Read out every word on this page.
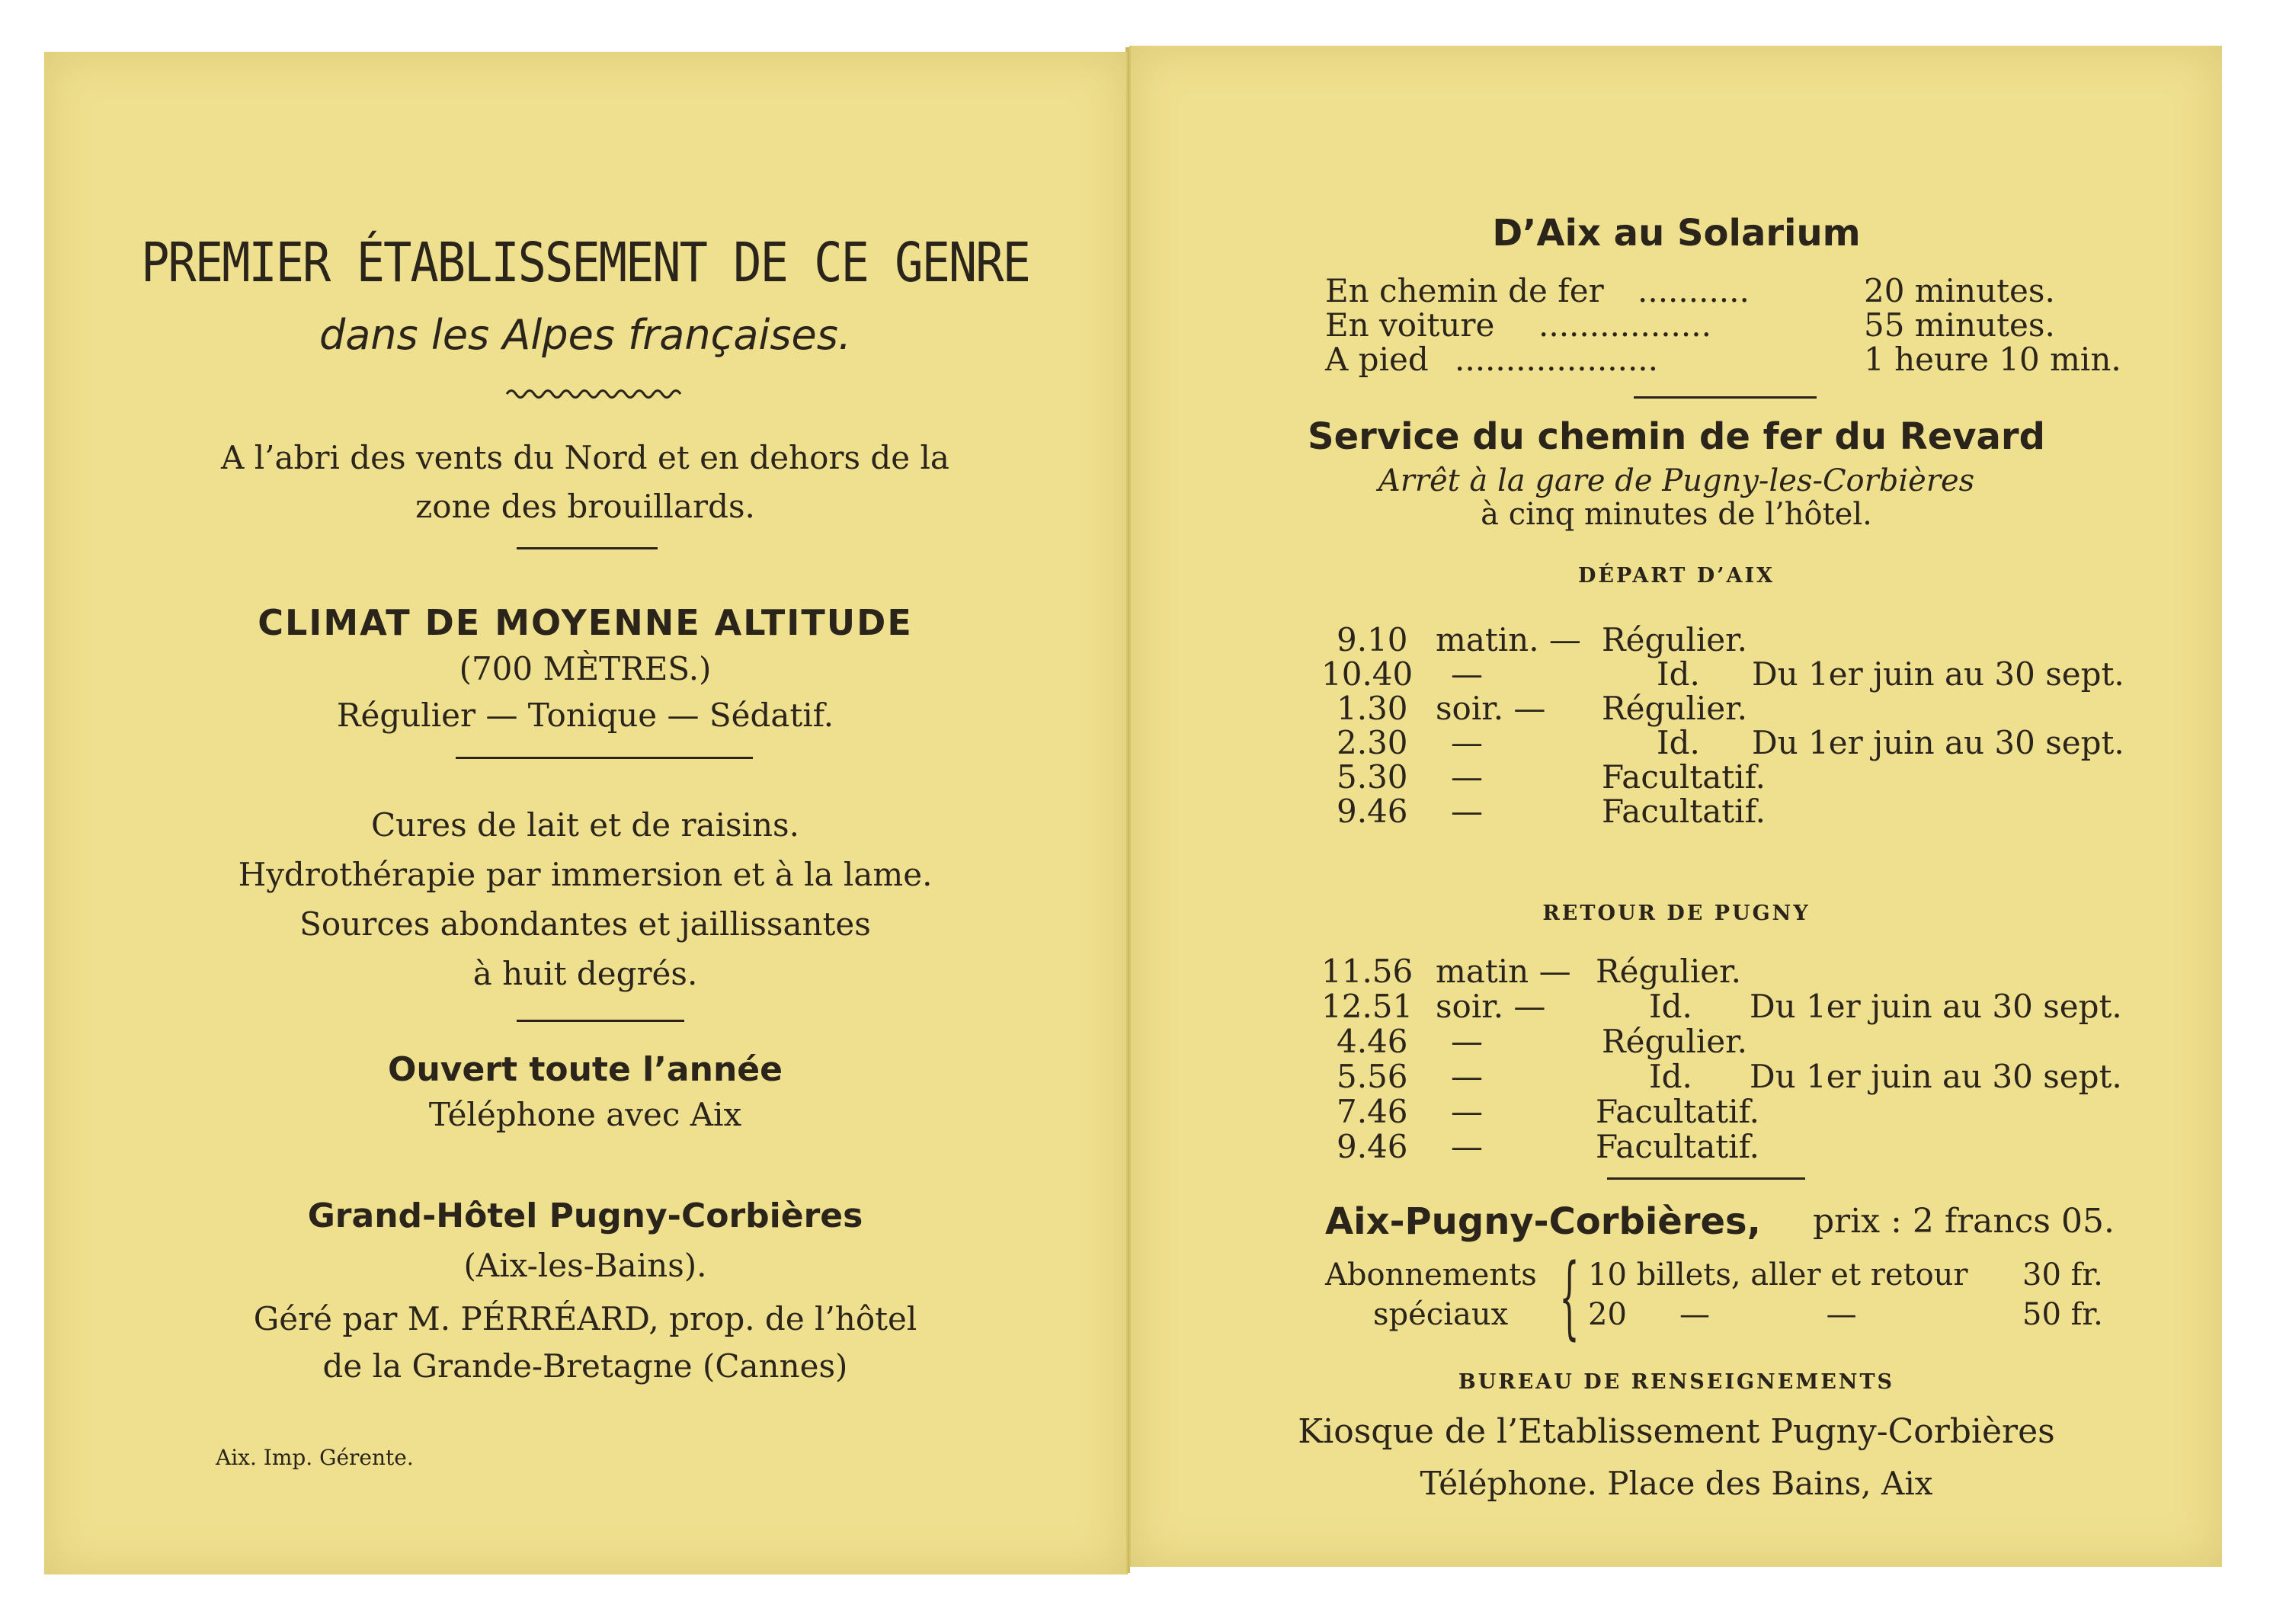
PREMIER ÉTABLISSEMENT DE CE GENRE
dans les Alpes françaises.
A l’abri des vents du Nord et en dehors de la
zone des brouillards.
CLIMAT DE MOYENNE ALTITUDE
(700 MÈTRES.)
Régulier — Tonique — Sédatif.
Cures de lait et de raisins.
Hydrothérapie par immersion et à la lame.
Sources abondantes et jaillissantes
à huit degrés.
Ouvert toute l’année
Téléphone avec Aix
Grand-Hôtel Pugny-Corbières
(Aix-les-Bains).
Géré par M. PÉRRÉARD, prop. de l’hôtel
de la Grande-Bretagne (Cannes)
Aix. Imp. Gérente.
D’Aix au Solarium
En chemin de fer ...........	20 minutes.
En voiture .................	55 minutes.
A pied ....................	1 heure 10 min.
Service du chemin de fer du Revard
Arrêt à la gare de Pugny-les-Corbières
à cinq minutes de l’hôtel.
DÉPART D’AIX
9.10 matin. — Régulier.
10.40 —	Id. Du 1er juin au 30 sept.
1.30 soir. — Régulier.
2.30 —	Id. Du 1er juin au 30 sept.
5.30 —	Facultatif.
9.46 —	Facultatif.
RETOUR DE PUGNY
11.56 matin — Régulier.
12.51 soir. —	Id. Du 1er juin au 30 sept.
4.46 —	Régulier.
5.56 —	Id. Du 1er juin au 30 sept.
7.46 —	Facultatif.
9.46 —	Facultatif.
Aix-Pugny-Corbières, prix : 2 francs 05.
Abonnements
spéciaux { 10 billets, aller et retour 30 fr.
20 —            —	50 fr.
BUREAU DE RENSEIGNEMENTS
Kiosque de l’Etablissement Pugny-Corbières
Téléphone. Place des Bains, Aix
